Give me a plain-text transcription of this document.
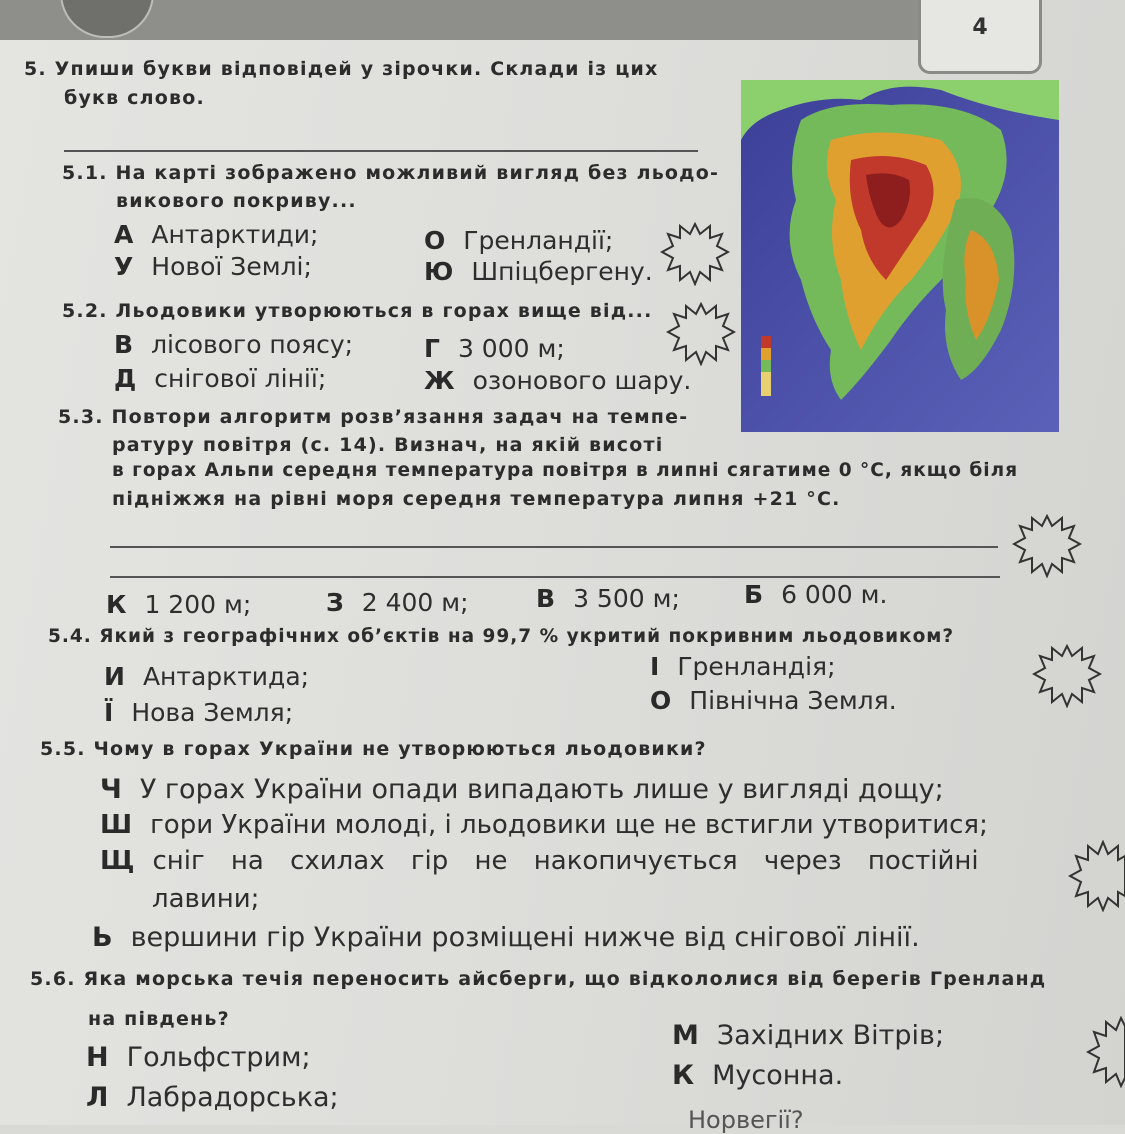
4
5. Упиши букви відповідей у зірочки. Склади із цих
букв слово.
5.1. На карті зображено можливий вигляд без льодо-
викового покриву...
А Антарктиди;	О Гренландії;
У Нової Землі;	Ю Шпіцбергену.
5.2. Льодовики утворюються в горах вище від...
В лісового поясу;	Г 3 000 м;
Д снігової лінії;	Ж озонового шару.
5.3. Повтори алгоритм розв’язання задач на темпе-
ратуру повітря (с. 14). Визнач, на якій висоті
в горах Альпи середня температура повітря в липні сягатиме 0 °С, якщо біля
підніжжя на рівні моря середня температура липня +21 °С.
К 1 200 м;	З 2 400 м;	В 3 500 м;	Б 6 000 м.
5.4. Який з географічних об’єктів на 99,7 % укритий покривним льодовиком?
И Антарктида;	І Гренландія;
Ї Нова Земля;	О Північна Земля.
5.5. Чому в горах України не утворюються льодовики?
Ч У горах України опади випадають лише у вигляді дощу;
Ш гори України молоді, і льодовики ще не встигли утворитися;
Щ сніг на схилах гір не накопичується через постійні
лавини;
Ь вершини гір України розміщені нижче від снігової лінії.
5.6. Яка морська течія переносить айсберги, що відкололися від берегів Гренланд
на південь?
Н Гольфстрим;
М Західних Вітрів;
Л Лабрадорська;
К Мусонна.
Норвегії?
